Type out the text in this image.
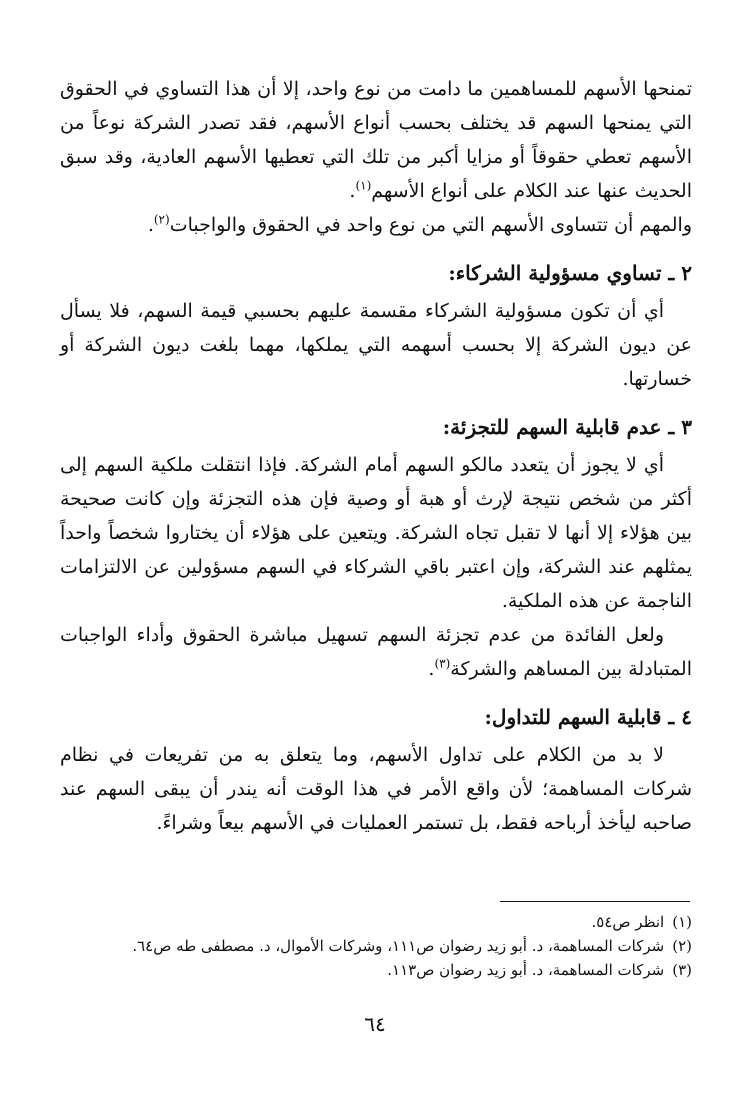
تمنحها الأسهم للمساهمين ما دامت من نوع واحد، إلا أن هذا التساوي في الحقوق التي يمنحها السهم قد يختلف بحسب أنواع الأسهم، فقد تصدر الشركة نوعاً من الأسهم تعطي حقوقاً أو مزايا أكبر من تلك التي تعطيها الأسهم العادية، وقد سبق الحديث عنها عند الكلام على أنواع الأسهم$^{(١)}$.

والمهم أن تتساوى الأسهم التي من نوع واحد في الحقوق والواجبات$^{(٢)}$.

٢ ـ تساوي مسؤولية الشركاء:

أي أن تكون مسؤولية الشركاء مقسمة عليهم بحسبي قيمة السهم، فلا يسأل عن ديون الشركة إلا بحسب أسهمه التي يملكها، مهما بلغت ديون الشركة أو خسارتها.

٣ ـ عدم قابلية السهم للتجزئة:

أي لا يجوز أن يتعدد مالكو السهم أمام الشركة. فإذا انتقلت ملكية السهم إلى أكثر من شخص نتيجة لإرث أو هبة أو وصية فإن هذه التجزئة وإن كانت صحيحة بين هؤلاء إلا أنها لا تقبل تجاه الشركة. ويتعين على هؤلاء أن يختاروا شخصاً واحداً يمثلهم عند الشركة، وإن اعتبر باقي الشركاء في السهم مسؤولين عن الالتزامات الناجمة عن هذه الملكية.

ولعل الفائدة من عدم تجزئة السهم تسهيل مباشرة الحقوق وأداء الواجبات المتبادلة بين المساهم والشركة$^{(٣)}$.

٤ ـ قابلية السهم للتداول:

لا بد من الكلام على تداول الأسهم، وما يتعلق به من تفريعات في نظام شركات المساهمة؛ لأن واقع الأمر في هذا الوقت أنه يندر أن يبقى السهم عند صاحبه ليأخذ أرباحه فقط، بل تستمر العمليات في الأسهم بيعاً وشراءً.

(١)انظر ص٥٤.

(٢)شركات المساهمة، د. أبو زيد رضوان ص١١١، وشركات الأموال، د. مصطفى طه ص٦٤.

(٣)شركات المساهمة، د. أبو زيد رضوان ص١١٣.

٦٤
